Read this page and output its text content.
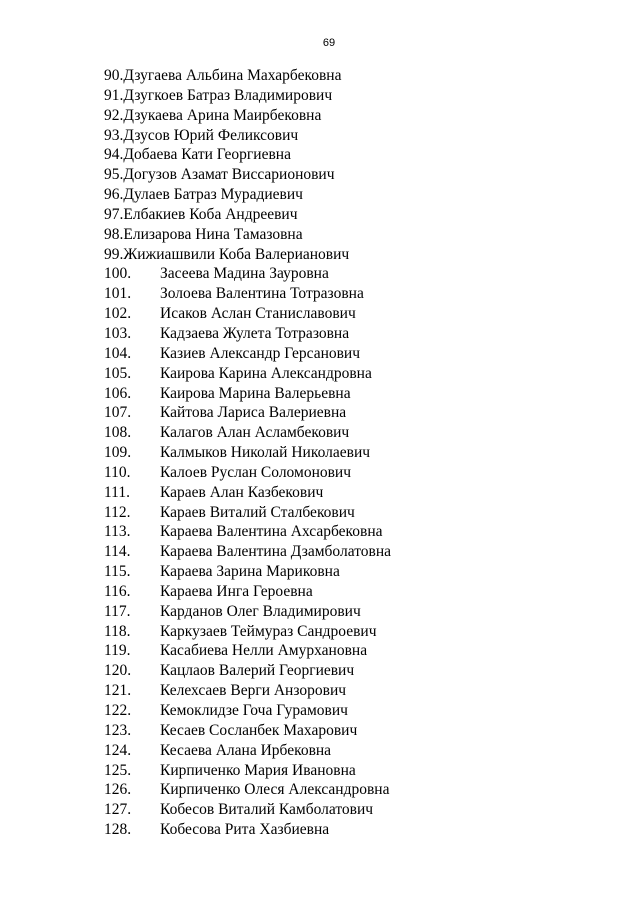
69
90. Дзугаева Альбина Махарбековна
91. Дзугкоев Батраз Владимирович
92. Дзукаева Арина Маирбековна
93. Дзусов Юрий Феликсович
94. Добаева Кати Георгиевна
95. Догузов Азамат Виссарионович
96. Дулаев Батраз Мурадиевич
97. Елбакиев Коба Андреевич
98. Елизарова Нина Тамазовна
99. Жижиашвили Коба Валерианович
100.	Засеева Мадина Зауровна
101.	Золоева Валентина Тотразовна
102.	Исаков Аслан Станиславович
103.	Кадзаева Жулета Тотразовна
104.	Казиев Александр Герсанович
105.	Каирова Карина Александровна
106.	Каирова Марина Валерьевна
107.	Кайтова Лариса Валериевна
108.	Калагов Алан Асламбекович
109.	Калмыков Николай Николаевич
110.	Калоев Руслан Соломонович
111.	Караев Алан Казбекович
112.	Караев Виталий Сталбекович
113.	Караева Валентина Ахсарбековна
114.	Караева Валентина Дзамболатовна
115.	Караева Зарина Мариковна
116.	Караева Инга Героевна
117.	Карданов Олег Владимирович
118.	Каркузаев Теймураз Сандроевич
119.	Касабиева Нелли Амурхановна
120.	Кацлаов Валерий Георгиевич
121.	Келехсаев Верги Анзорович
122.	Кемоклидзе Гоча Гурамович
123.	Кесаев Сосланбек Махарович
124.	Кесаева Алана Ирбековна
125.	Кирпиченко Мария Ивановна
126.	Кирпиченко Олеся Александровна
127.	Кобесов Виталий Камболатович
128.	Кобесова Рита Хазбиевна
